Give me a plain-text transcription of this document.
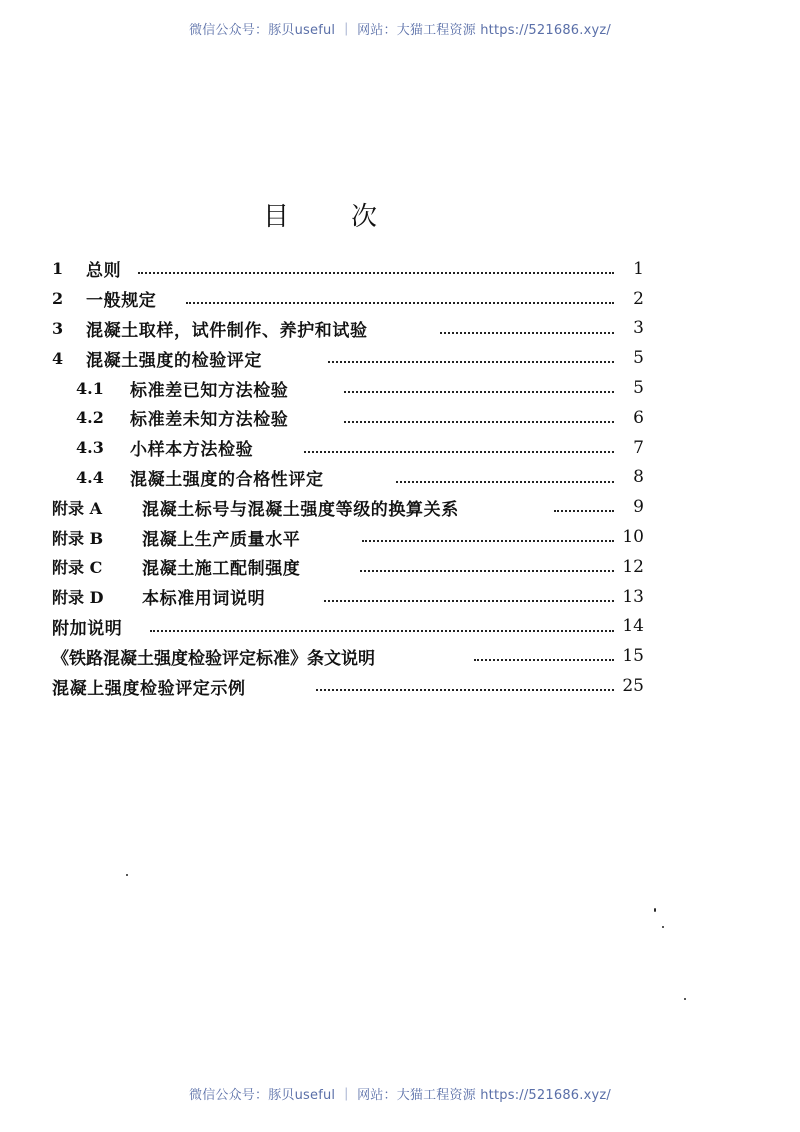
微信公众号：豚贝useful ｜ 网站：大猫工程资源 https://521686.xyz/
目次
1 总则	1
2 一般规定	2
3 混凝土取样，试件制作、养护和试验	3
4 混凝土强度的检验评定	5
4.1 标准差已知方法检验	5
4.2 标准差未知方法检验	6
4.3 小样本方法检验	7
4.4 混凝土强度的合格性评定	8
附录 A 混凝土标号与混凝土强度等级的换算关系	9
附录 B 混凝上生产质量水平	10
附录 C 混凝土施工配制强度	12
附录 D 本标准用词说明	13
附加说明	14
《铁路混凝土强度检验评定标准》条文说明	15
混凝上强度检验评定示例	25
微信公众号：豚贝useful ｜ 网站：大猫工程资源 https://521686.xyz/
